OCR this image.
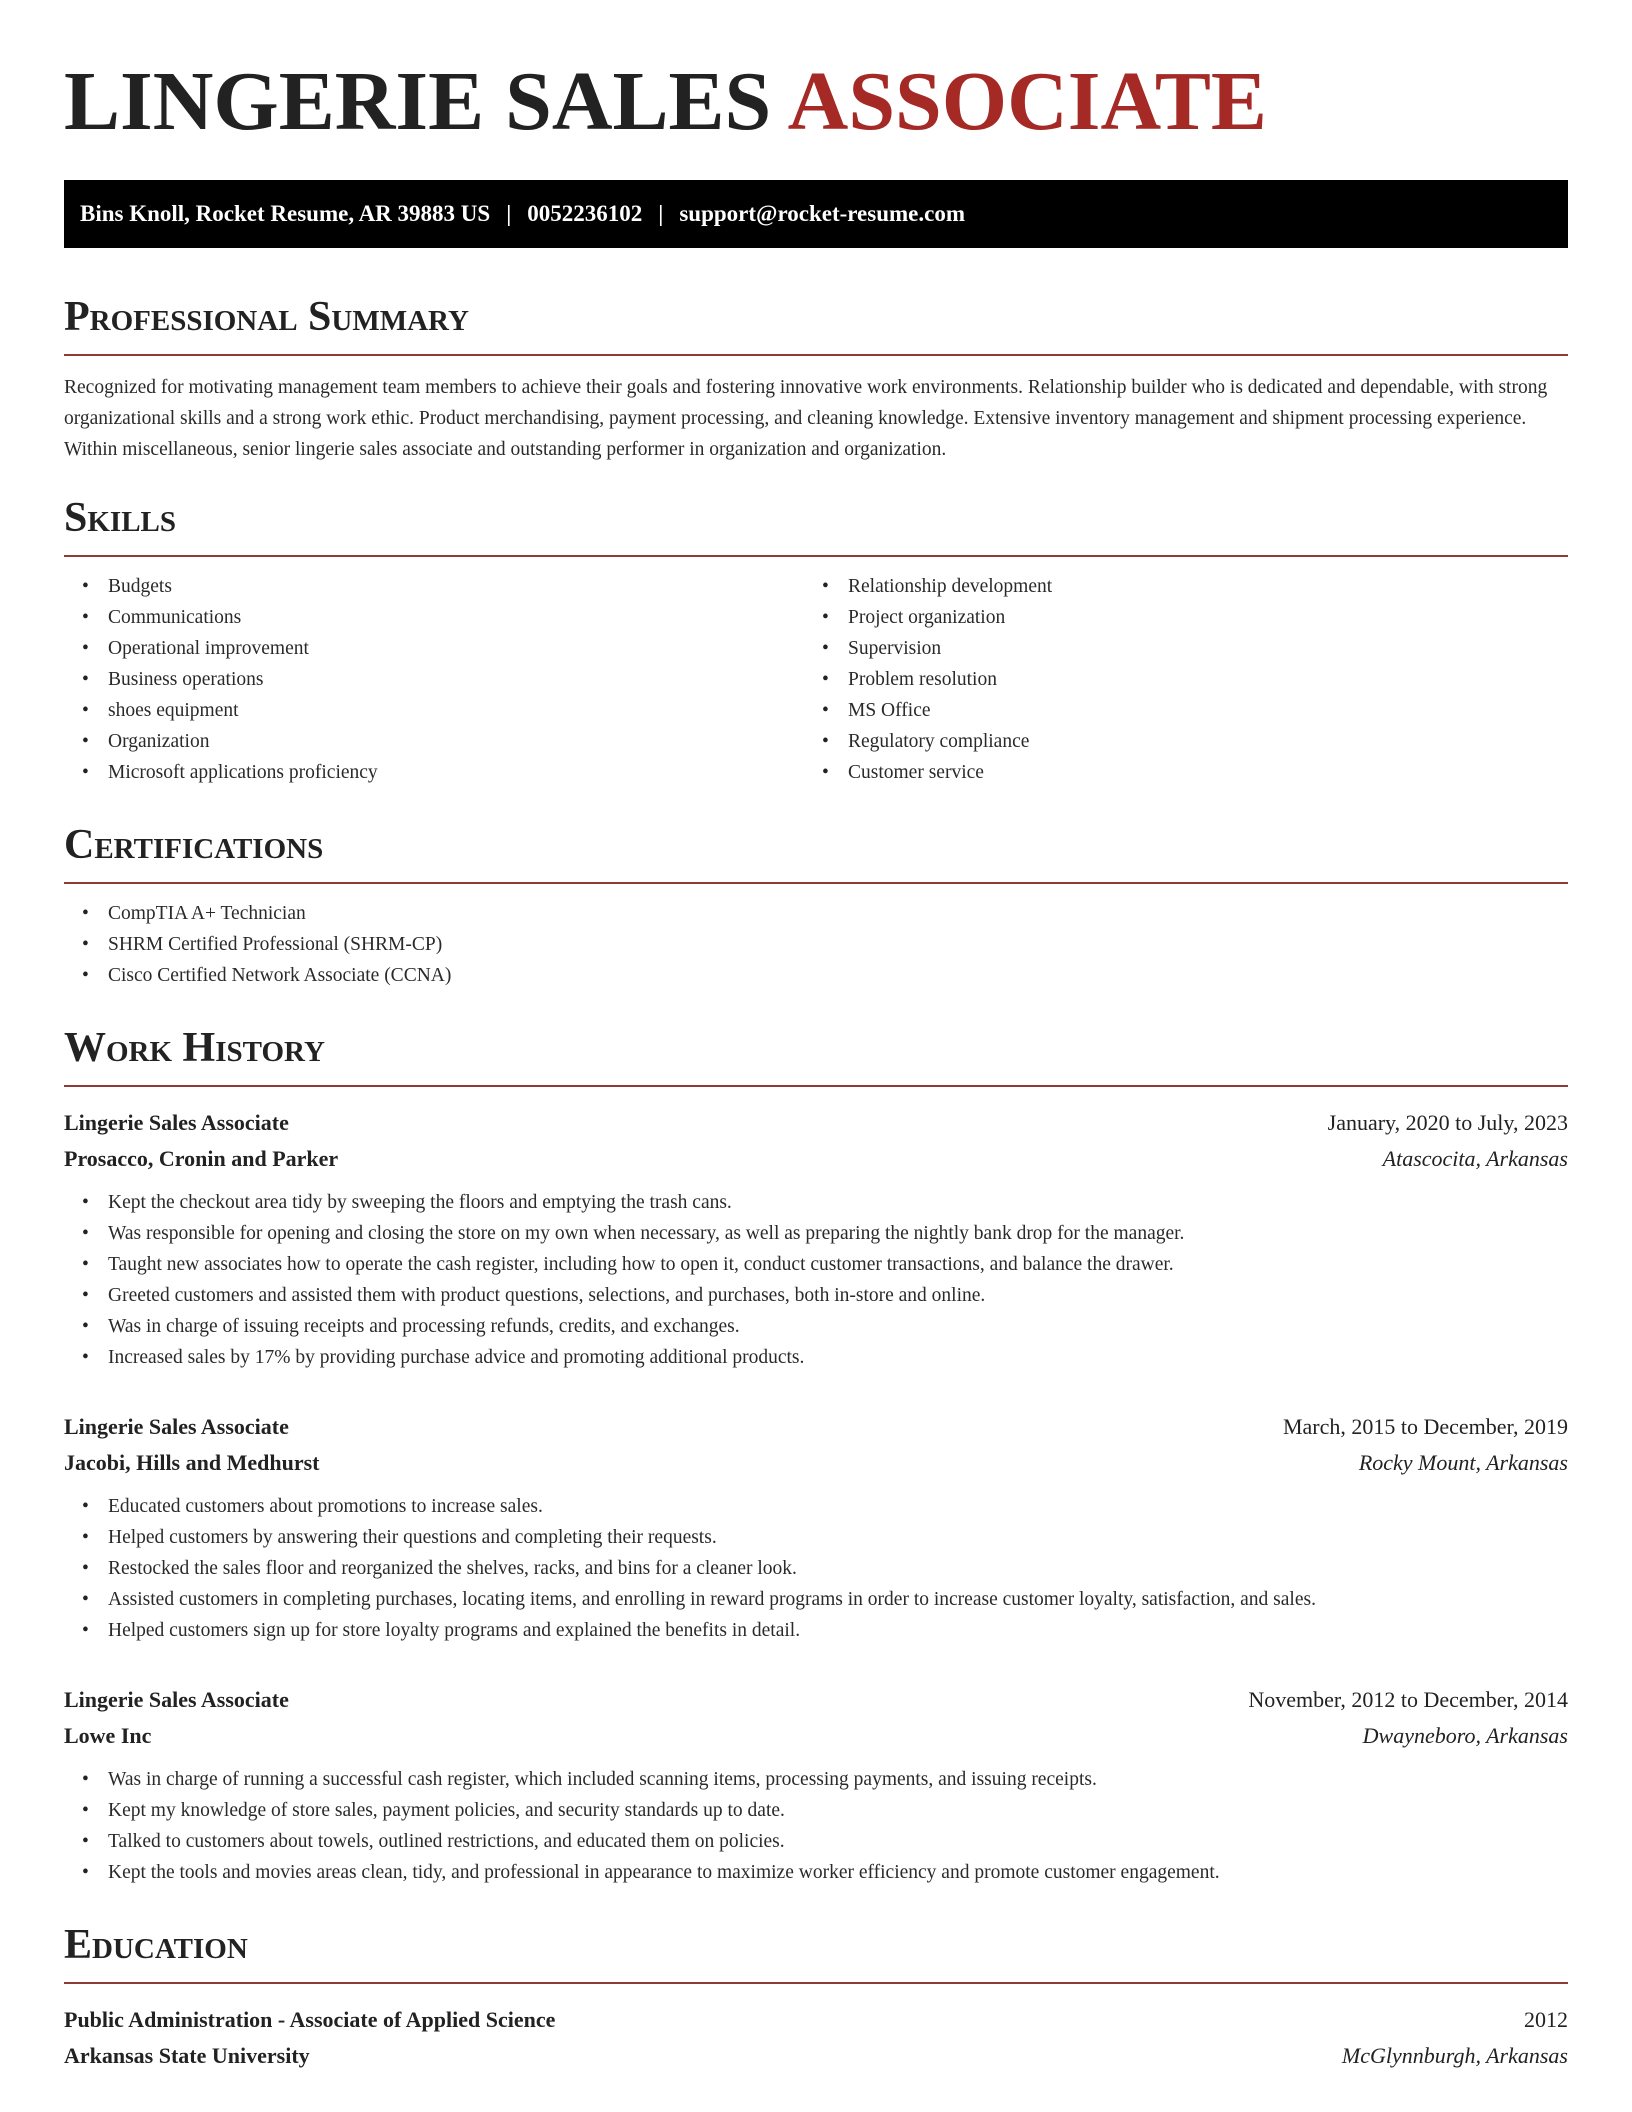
LINGERIE SALES ASSOCIATE
Bins Knoll, Rocket Resume, AR 39883 US | 0052236102 | support@rocket-resume.com
Professional Summary

Recognized for motivating management team members to achieve their goals and fostering innovative work environments. Relationship builder who is dedicated and dependable, with strong organizational skills and a strong work ethic. Product merchandising, payment processing, and cleaning knowledge. Extensive inventory management and shipment processing experience. Within miscellaneous, senior lingerie sales associate and outstanding performer in organization and organization.

Skills
• Budgets
• Communications
• Operational improvement
• Business operations
• shoes equipment
• Organization
• Microsoft applications proficiency
• Relationship development
• Project organization
• Supervision
• Problem resolution
• MS Office
• Regulatory compliance
• Customer service
Certifications
• CompTIA A+ Technician
• SHRM Certified Professional (SHRM-CP)
• Cisco Certified Network Associate (CCNA)
Work History
Lingerie Sales Associate	January, 2020 to July, 2023
Prosacco, Cronin and Parker	Atascocita, Arkansas
• Kept the checkout area tidy by sweeping the floors and emptying the trash cans.
• Was responsible for opening and closing the store on my own when necessary, as well as preparing the nightly bank drop for the manager.
• Taught new associates how to operate the cash register, including how to open it, conduct customer transactions, and balance the drawer.
• Greeted customers and assisted them with product questions, selections, and purchases, both in-store and online.
• Was in charge of issuing receipts and processing refunds, credits, and exchanges.
• Increased sales by 17% by providing purchase advice and promoting additional products.
Lingerie Sales Associate	March, 2015 to December, 2019
Jacobi, Hills and Medhurst	Rocky Mount, Arkansas
• Educated customers about promotions to increase sales.
• Helped customers by answering their questions and completing their requests.
• Restocked the sales floor and reorganized the shelves, racks, and bins for a cleaner look.
• Assisted customers in completing purchases, locating items, and enrolling in reward programs in order to increase customer loyalty, satisfaction, and sales.
• Helped customers sign up for store loyalty programs and explained the benefits in detail.
Lingerie Sales Associate	November, 2012 to December, 2014
Lowe Inc	Dwayneboro, Arkansas
• Was in charge of running a successful cash register, which included scanning items, processing payments, and issuing receipts.
• Kept my knowledge of store sales, payment policies, and security standards up to date.
• Talked to customers about towels, outlined restrictions, and educated them on policies.
• Kept the tools and movies areas clean, tidy, and professional in appearance to maximize worker efficiency and promote customer engagement.
Education
Public Administration - Associate of Applied Science	2012
Arkansas State University	McGlynnburgh, Arkansas
